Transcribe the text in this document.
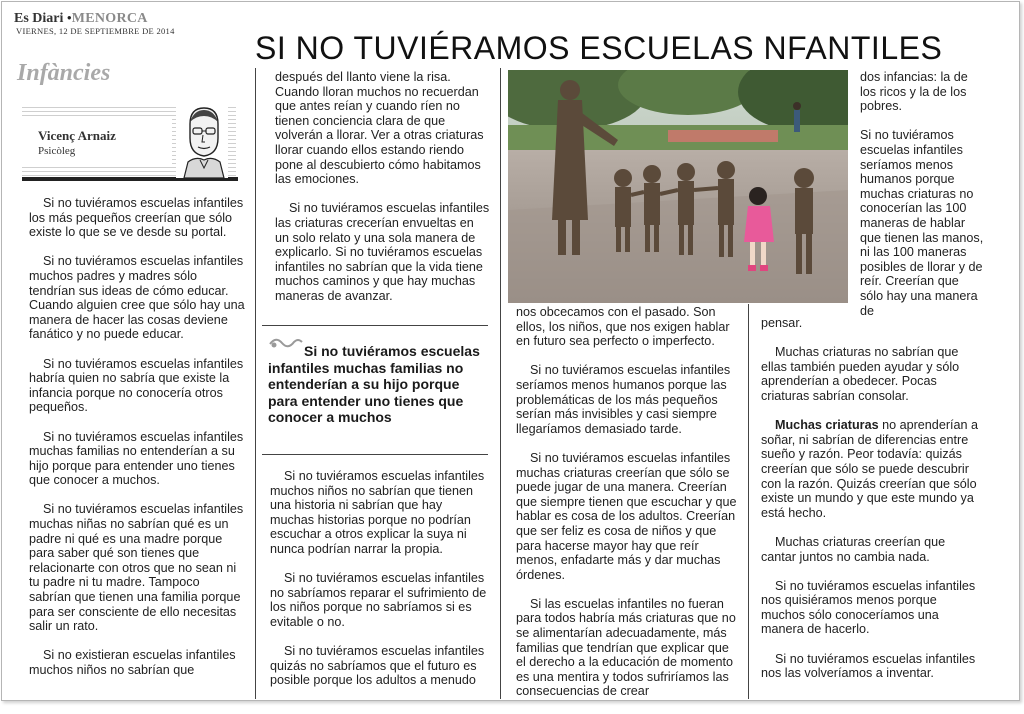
Es Diari ●MENORCA
VIERNES, 12 DE SEPTIEMBRE DE 2014	SI NO TUVIÉRAMOS ESCUELAS NFANTILES
Infàncies
Vicenç Arnaiz
Psicòleg

Si no tuviéramos escuelas infantiles los más pequeños creerían que sólo existe lo que se ve desde su portal.

Si no tuviéramos escuelas infantiles muchos padres y madres sólo tendrían sus ideas de cómo educar. Cuando alguien cree que sólo hay una manera de hacer las cosas deviene fanático y no puede educar.

Si no tuviéramos escuelas infantiles habría quien no sabría que existe la infancia porque no conocería otros pequeños.

Si no tuviéramos escuelas infantiles muchas familias no entenderían a su hijo porque para entender uno tienes que conocer a muchos.

Si no tuviéramos escuelas infantiles muchas niñas no sabrían qué es un padre ni qué es una madre porque para saber qué son tienes que relacionarte con otros que no sean ni tu padre ni tu madre. Tampoco sabrían que tienen una familia porque para ser consciente de ello necesitas salir un rato.

Si no existieran escuelas infantiles muchos niños no sabrían que

después del llanto viene la risa. Cuando lloran muchos no recuerdan que antes reían y cuando ríen no tienen conciencia clara de que volverán a llorar. Ver a otras criaturas llorar cuando ellos estando riendo pone al descubierto cómo habitamos las emociones.

Si no tuviéramos escuelas infantiles las criaturas crecerían envueltas en un solo relato y una sola manera de explicarlo. Si no tuviéramos escuelas infantiles no sabrían que la vida tiene muchos caminos y que hay muchas maneras de avanzar.

Si no tuviéramos escuelas infantiles muchas familias no entenderían a su hijo porque para entender uno tienes que conocer a muchos

Si no tuviéramos escuelas infantiles muchos niños no sabrían que tienen una historia ni sabrían que hay muchas historias porque no podrían escuchar a otros explicar la suya ni nunca podrían narrar la propia.

Si no tuviéramos escuelas infantiles no sabríamos reparar el sufrimiento de los niños porque no sabríamos si es evitable o no.

Si no tuviéramos escuelas infantiles quizás no sabríamos que el futuro es posible porque los adultos a menudo

nos obcecamos con el pasado. Son ellos, los niños, que nos exigen hablar en futuro sea perfecto o imperfecto.

Si no tuviéramos escuelas infantiles seríamos menos humanos porque las problemáticas de los más pequeños serían más invisibles y casi siempre llegaríamos demasiado tarde.

Si no tuviéramos escuelas infantiles muchas criaturas creerían que sólo se puede jugar de una manera. Creerían que siempre tienen que escuchar y que hablar es cosa de los adultos. Creerían que ser feliz es cosa de niños y que para hacerse mayor hay que reír menos, enfadarte más y dar muchas órdenes.

Si las escuelas infantiles no fueran para todos habría más criaturas que no se alimentarían adecuadamente, más familias que tendrían que explicar que el derecho a la educación de momento es una mentira y todos sufriríamos las consecuencias de crear

dos infancias: la de los ricos y la de los pobres.

Si no tuviéramos escuelas infantiles seríamos menos humanos porque muchas criaturas no conocerían las 100 maneras de hablar que tienen las manos, ni las 100 maneras posibles de llorar y de reír. Creerían que sólo hay una manera de

pensar.

Muchas criaturas no sabrían que ellas también pueden ayudar y sólo aprenderían a obedecer. Pocas criaturas sabrían consolar.

Muchas criaturas no aprenderían a soñar, ni sabrían de diferencias entre sueño y razón. Peor todavía: quizás creerían que sólo se puede descubrir con la razón. Quizás creerían que sólo existe un mundo y que este mundo ya está hecho.

Muchas criaturas creerían que cantar juntos no cambia nada.

Si no tuviéramos escuelas infantiles nos quisiéramos menos porque muchos sólo conoceríamos una manera de hacerlo.

Si no tuviéramos escuelas infantiles nos las volveríamos a inventar.
